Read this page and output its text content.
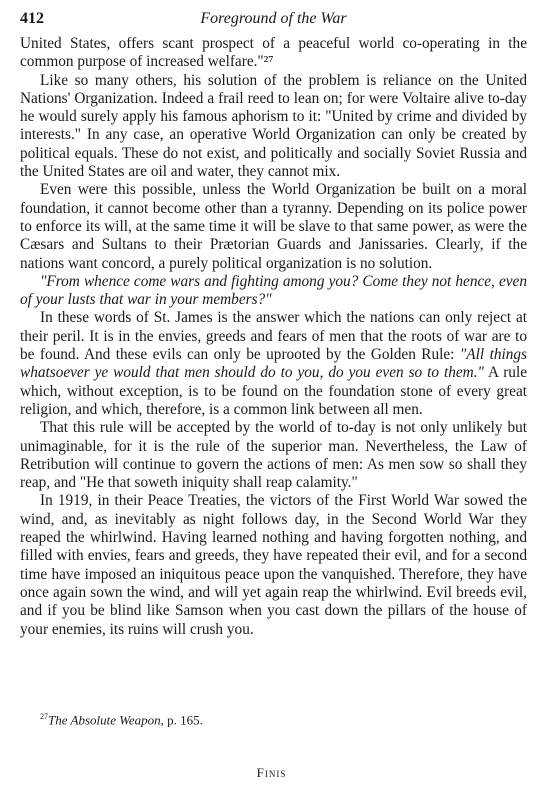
412	Foreground of the War

United States, offers scant prospect of a peaceful world co-operating in the common purpose of increased welfare."²⁷

Like so many others, his solution of the problem is reliance on the United Nations' Organization. Indeed a frail reed to lean on; for were Voltaire alive to-day he would surely apply his famous aphorism to it: "United by crime and divided by interests." In any case, an operative World Organization can only be created by political equals. These do not exist, and politically and socially Soviet Russia and the United States are oil and water, they cannot mix.

Even were this possible, unless the World Organization be built on a moral foundation, it cannot become other than a tyranny. Depending on its police power to enforce its will, at the same time it will be slave to that same power, as were the Cæsars and Sultans to their Prætorian Guards and Janissaries. Clearly, if the nations want concord, a purely political organization is no solution.

"From whence come wars and fighting among you? Come they not hence, even of your lusts that war in your members?"

In these words of St. James is the answer which the nations can only reject at their peril. It is in the envies, greeds and fears of men that the roots of war are to be found. And these evils can only be uprooted by the Golden Rule: "All things whatsoever ye would that men should do to you, do you even so to them." A rule which, without exception, is to be found on the foundation stone of every great religion, and which, therefore, is a common link between all men.

That this rule will be accepted by the world of to-day is not only unlikely but unimaginable, for it is the rule of the superior man. Nevertheless, the Law of Retribution will continue to govern the actions of men: As men sow so shall they reap, and "He that soweth iniquity shall reap calamity."

In 1919, in their Peace Treaties, the victors of the First World War sowed the wind, and, as inevitably as night follows day, in the Second World War they reaped the whirlwind. Having learned nothing and having forgotten nothing, and filled with envies, fears and greeds, they have repeated their evil, and for a second time have imposed an iniquitous peace upon the vanquished. Therefore, they have once again sown the wind, and will yet again reap the whirlwind. Evil breeds evil, and if you be blind like Samson when you cast down the pillars of the house of your enemies, its ruins will crush you.

$^{27}$The Absolute Weapon, p. 165.
Finis
